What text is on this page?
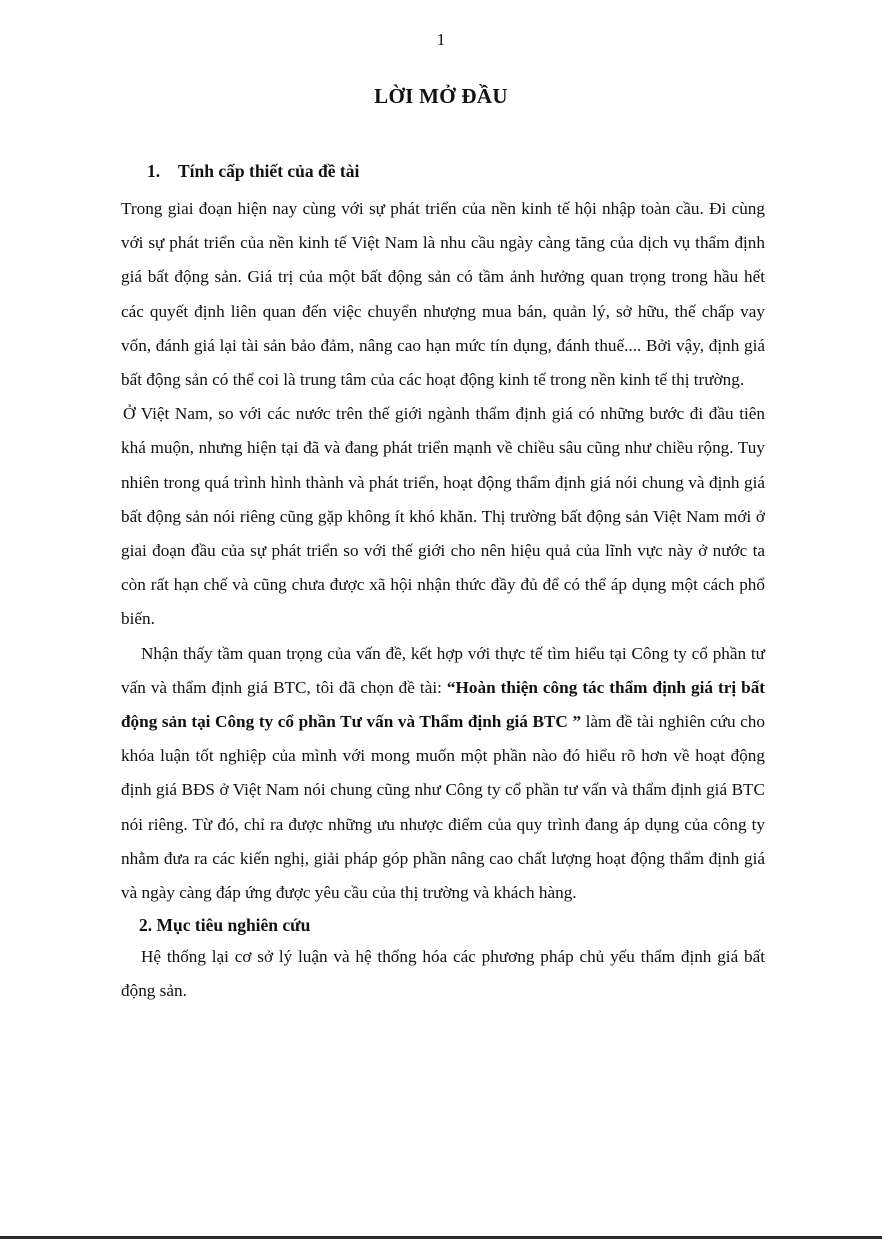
1
LỜI MỞ ĐẦU

1. Tính cấp thiết của đề tài

Trong giai đoạn hiện nay cùng với sự phát triển của nền kinh tế hội nhập toàn cầu. Đi cùng với sự phát triển của nền kinh tế Việt Nam là nhu cầu ngày càng tăng của dịch vụ thẩm định giá bất động sản. Giá trị của một bất động sản có tầm ảnh hưởng quan trọng trong hầu hết các quyết định liên quan đến việc chuyển nhượng mua bán, quản lý, sở hữu, thế chấp vay vốn, đánh giá lại tài sản bảo đảm, nâng cao hạn mức tín dụng, đánh thuế.... Bởi vậy, định giá bất động sản có thể coi là trung tâm của các hoạt động kinh tế trong nền kinh tế thị trường.

Ở Việt Nam, so với các nước trên thế giới ngành thẩm định giá có những bước đi đầu tiên khá muộn, nhưng hiện tại đã và đang phát triển mạnh về chiều sâu cũng như chiều rộng. Tuy nhiên trong quá trình hình thành và phát triển, hoạt động thẩm định giá nói chung và định giá bất động sản nói riêng cũng gặp không ít khó khăn. Thị trường bất động sản Việt Nam mới ở giai đoạn đầu của sự phát triển so với thế giới cho nên hiệu quả của lĩnh vực này ở nước ta còn rất hạn chế và cũng chưa được xã hội nhận thức đầy đủ để có thể áp dụng một cách phổ biến.

Nhận thấy tầm quan trọng của vấn đề, kết hợp với thực tế tìm hiểu tại Công ty cổ phần tư vấn và thẩm định giá BTC, tôi đã chọn đề tài: “Hoàn thiện công tác thẩm định giá trị bất động sản tại Công ty cổ phần Tư vấn và Thẩm định giá BTC ” làm đề tài nghiên cứu cho khóa luận tốt nghiệp của mình với mong muốn một phần nào đó hiểu rõ hơn về hoạt động định giá BĐS ở Việt Nam nói chung cũng như Công ty cổ phần tư vấn và thẩm định giá BTC nói riêng. Từ đó, chỉ ra được những ưu nhược điểm của quy trình đang áp dụng của công ty nhằm đưa ra các kiến nghị, giải pháp góp phần nâng cao chất lượng hoạt động thẩm định giá và ngày càng đáp ứng được yêu cầu của thị trường và khách hàng.

2. Mục tiêu nghiên cứu

Hệ thống lại cơ sở lý luận và hệ thống hóa các phương pháp chủ yếu thẩm định giá bất động sản.
